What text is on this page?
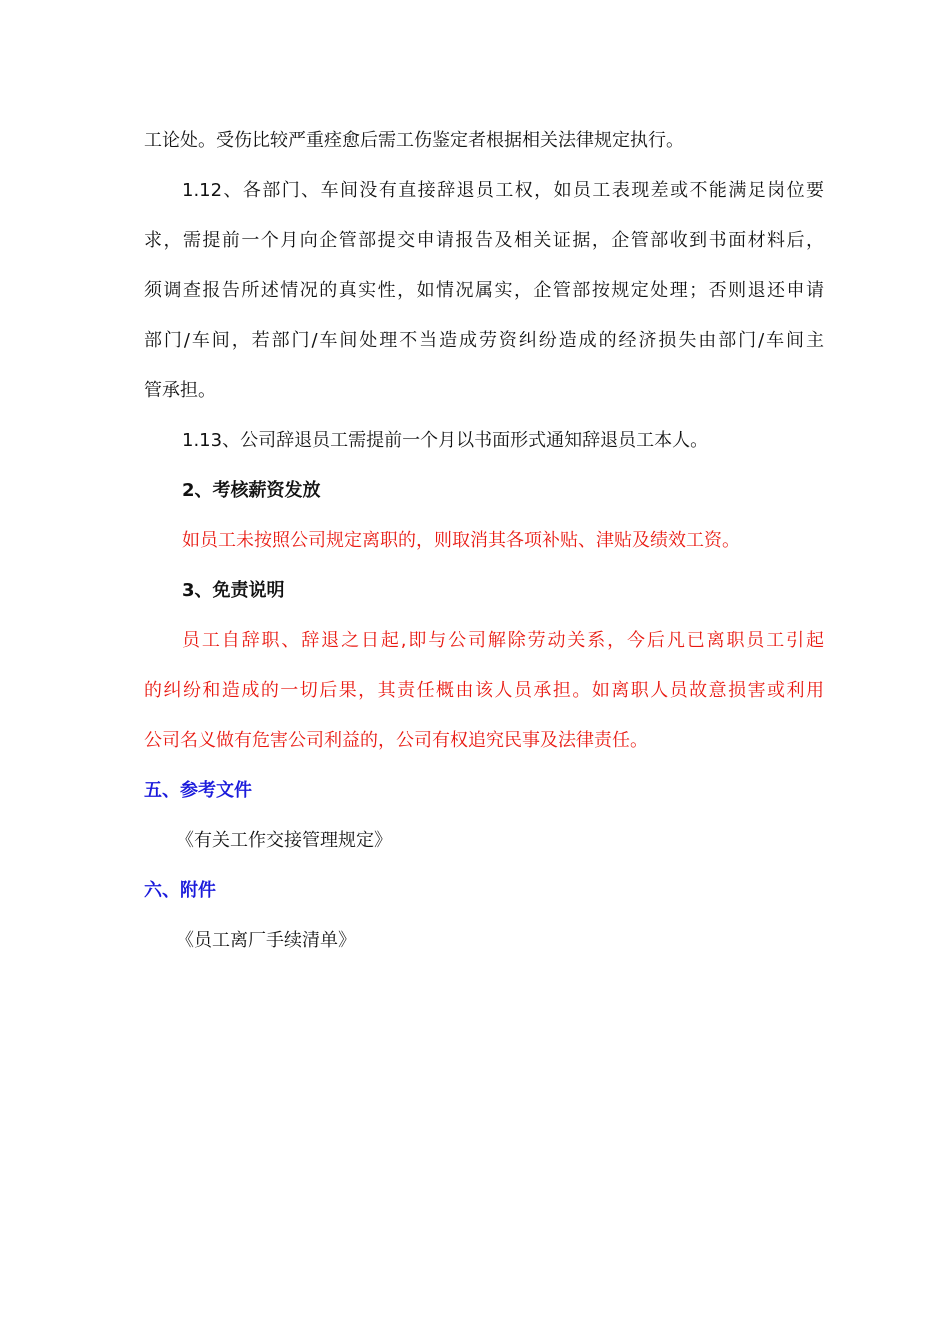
工论处。受伤比较严重痊愈后需工伤鉴定者根据相关法律规定执行。
1.12、各部门、车间没有直接辞退员工权，如员工表现差或不能满足岗位要
求，需提前一个月向企管部提交申请报告及相关证据，企管部收到书面材料后，
须调查报告所述情况的真实性，如情况属实，企管部按规定处理；否则退还申请
部门/车间，若部门/车间处理不当造成劳资纠纷造成的经济损失由部门/车间主
管承担。
1.13、公司辞退员工需提前一个月以书面形式通知辞退员工本人。
2、考核薪资发放
如员工未按照公司规定离职的，则取消其各项补贴、津贴及绩效工资。
3、免责说明
员工自辞职、辞退之日起,即与公司解除劳动关系，今后凡已离职员工引起
的纠纷和造成的一切后果，其责任概由该人员承担。如离职人员故意损害或利用
公司名义做有危害公司利益的，公司有权追究民事及法律责任。
五、参考文件
《有关工作交接管理规定》
六、附件
《员工离厂手续清单》
